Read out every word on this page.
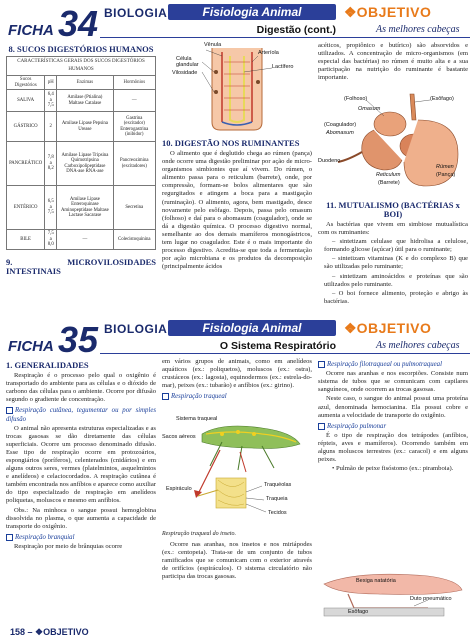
FICHA 34 BIOLOGIA	Fisiologia Animal
Digestão (cont.)
❖OBJETIVO
As melhores cabeças
8. SUCOS DIGESTÓRIOS HUMANOS
CARACTERÍSTICAS GERAIS DOS SUCOS DIGESTÓRIOS HUMANOS
Sucos Digestórios	pH	Enzimas	Hormônios
SALIVA	6,4 a 7,5	Amilase (Ptialina) Maltase Catalase	—
GÁSTRICO	2	Amilase Lipase Pepsina Urease	Gastrina (excitador) Enterogastrina (inibidor)
PANCREÁTICO	7,8 a 8,2	Amilase Lipase Tripsina Quimotripsina Carboxipolipeptidase DNA-ase RNA-ase	Pancreozimina (excitadores)
ENTÉRICO	6,5 a 7,5	Amilase Lipase Enteroquinase Aminopeptidase Maltase Lactase Sacarase	Secretina
BILE	7,5 a 8,0	—	Colecistoquinina
9. MICROVILOSIDADES INTESTINAIS
Vênula
Célula glandular
Vilosidade
Arteríola
Lactífero
10. DIGESTÃO NOS RUMINANTES

O alimento que é deglutido chega ao rúmen (pança) onde ocorre uma digestão preliminar por ação de micro-organismos simbiontes que aí vivem. Do rúmen, o alimento passa para o reticulum (barrete), onde, por compressão, formam-se bolos alimentares que são regurgitados e atingem a boca para a mastigação (ruminação). O alimento, agora, bem mastigado, desce novamente pelo esôfago. Depois, passa pelo omasum (folhoso) e daí para o abomasum (coagulador), onde se dá a digestão química. O processo digestivo normal, semelhante ao dos demais mamíferos monogástricos, tem lugar no coagulador. Este é o mais importante do processo digestivo. Acredita-se que toda a fermentação por ação microbiana e os produtos da decomposição (principalmente ácidos

acéticos, propiônico e butírico) são absorvidos e utilizados. A concentração de micro-organismos (em especial das bactérias) no rúmen é muito alta e a sua participação na nutrição do ruminante é bastante importante.

(Folhoso)	(Esôfago)
Omasum
(Coagulador)
Abomasum
Duodeno
Reticulum
(Barrete)
Rúmen
(Pança)
11. MUTUALISMO (BACTÉRIAS x BOI)

As bactérias que vivem em simbiose mutualística com os ruminantes:

– sintetizam celulase que hidrolisa a celulose, formando glicose (açúcar) útil para o ruminante;

– sintetizam vitaminas (K e do complexo B) que são utilizadas pelo ruminante;

– sintetizam aminoácidos e proteínas que são utilizados pelo ruminante.

– O boi fornece alimento, proteção e abrigo às bactérias.

FICHA 35 BIOLOGIA	Fisiologia Animal
O Sistema Respiratório
❖OBJETIVO
As melhores cabeças
1. GENERALIDADES

Respiração é o processo pelo qual o oxigênio é transportado do ambiente para as células e o dióxido de carbono das células para o ambiente. Ocorre por difusão segundo o gradiente de concentração.

Respiração cutânea, tegumentar ou por simples difusão

O animal não apresenta estruturas especializadas e as trocas gasosas se dão diretamente das células superficiais. Ocorre um processo denominado difusão. Esse tipo de respiração ocorre em protozoários, espongiários (poríferos), celenterados (cnidários) e em alguns outros seres, vermes (platelmintos, asquelmintos e anelídeos) e celaciocordados. A respiração cutânea é também encontrada nos anfíbios e aparece como auxiliar do tipo especializado de respiração em anelídeos poliquetas, moluscos e mesmo em anfíbios.

Obs.: Na minhoca o sangue possui hemoglobina dissolvida no plasma, o que aumenta a capacidade de transporte do oxigênio.

Respiração branquial

Respiração por meio de brânquias ocorre

em vários grupos de animais, como em anelídeos aquáticos (ex.: poliquetos), moluscos (ex.: ostra), crustáceos (ex.: lagosta), equinodermos (ex.: estrela-do-mar), peixes (ex.: tubarão) e anfíbios (ex.: girino).

Respiração traqueal
Sistema traqueal
Sacos aéreos
Espiráculo
Traquéolas
Traqueia
Tecidos
Respiração traqueal do inseto.

Ocorre nas aranhas, nos insetos e nos miriápodes (ex.: centopeia). Trata-se de um conjunto de tubos ramificados que se comunicam com o exterior através de orifícios (espiráculos). O sistema circulatório não participa das trocas gasosas.

Respiração filotraqueal ou pulmotraqueal

Ocorre nas aranhas e nos escorpiões. Consiste num sistema de tubos que se comunicam com capilares sanguíneos, onde ocorrem as trocas gasosas.

Neste caso, o sangue do animal possui uma proteína azul, denominada hemocianina. Ela possui cobre e aumenta a velocidade de transporte do oxigênio.

Respiração pulmonar

É o tipo de respiração dos tetrápodes (anfíbios, répteis, aves e mamíferos). Ocorrendo também em alguns moluscos terrestres (ex.: caracol) e em alguns peixes.

• Pulmão de peixe fisóstomo (ex.: piramboia).

Bexiga natatória
Duto pneumático
Esôfago
158 – ❖OBJETIVO
